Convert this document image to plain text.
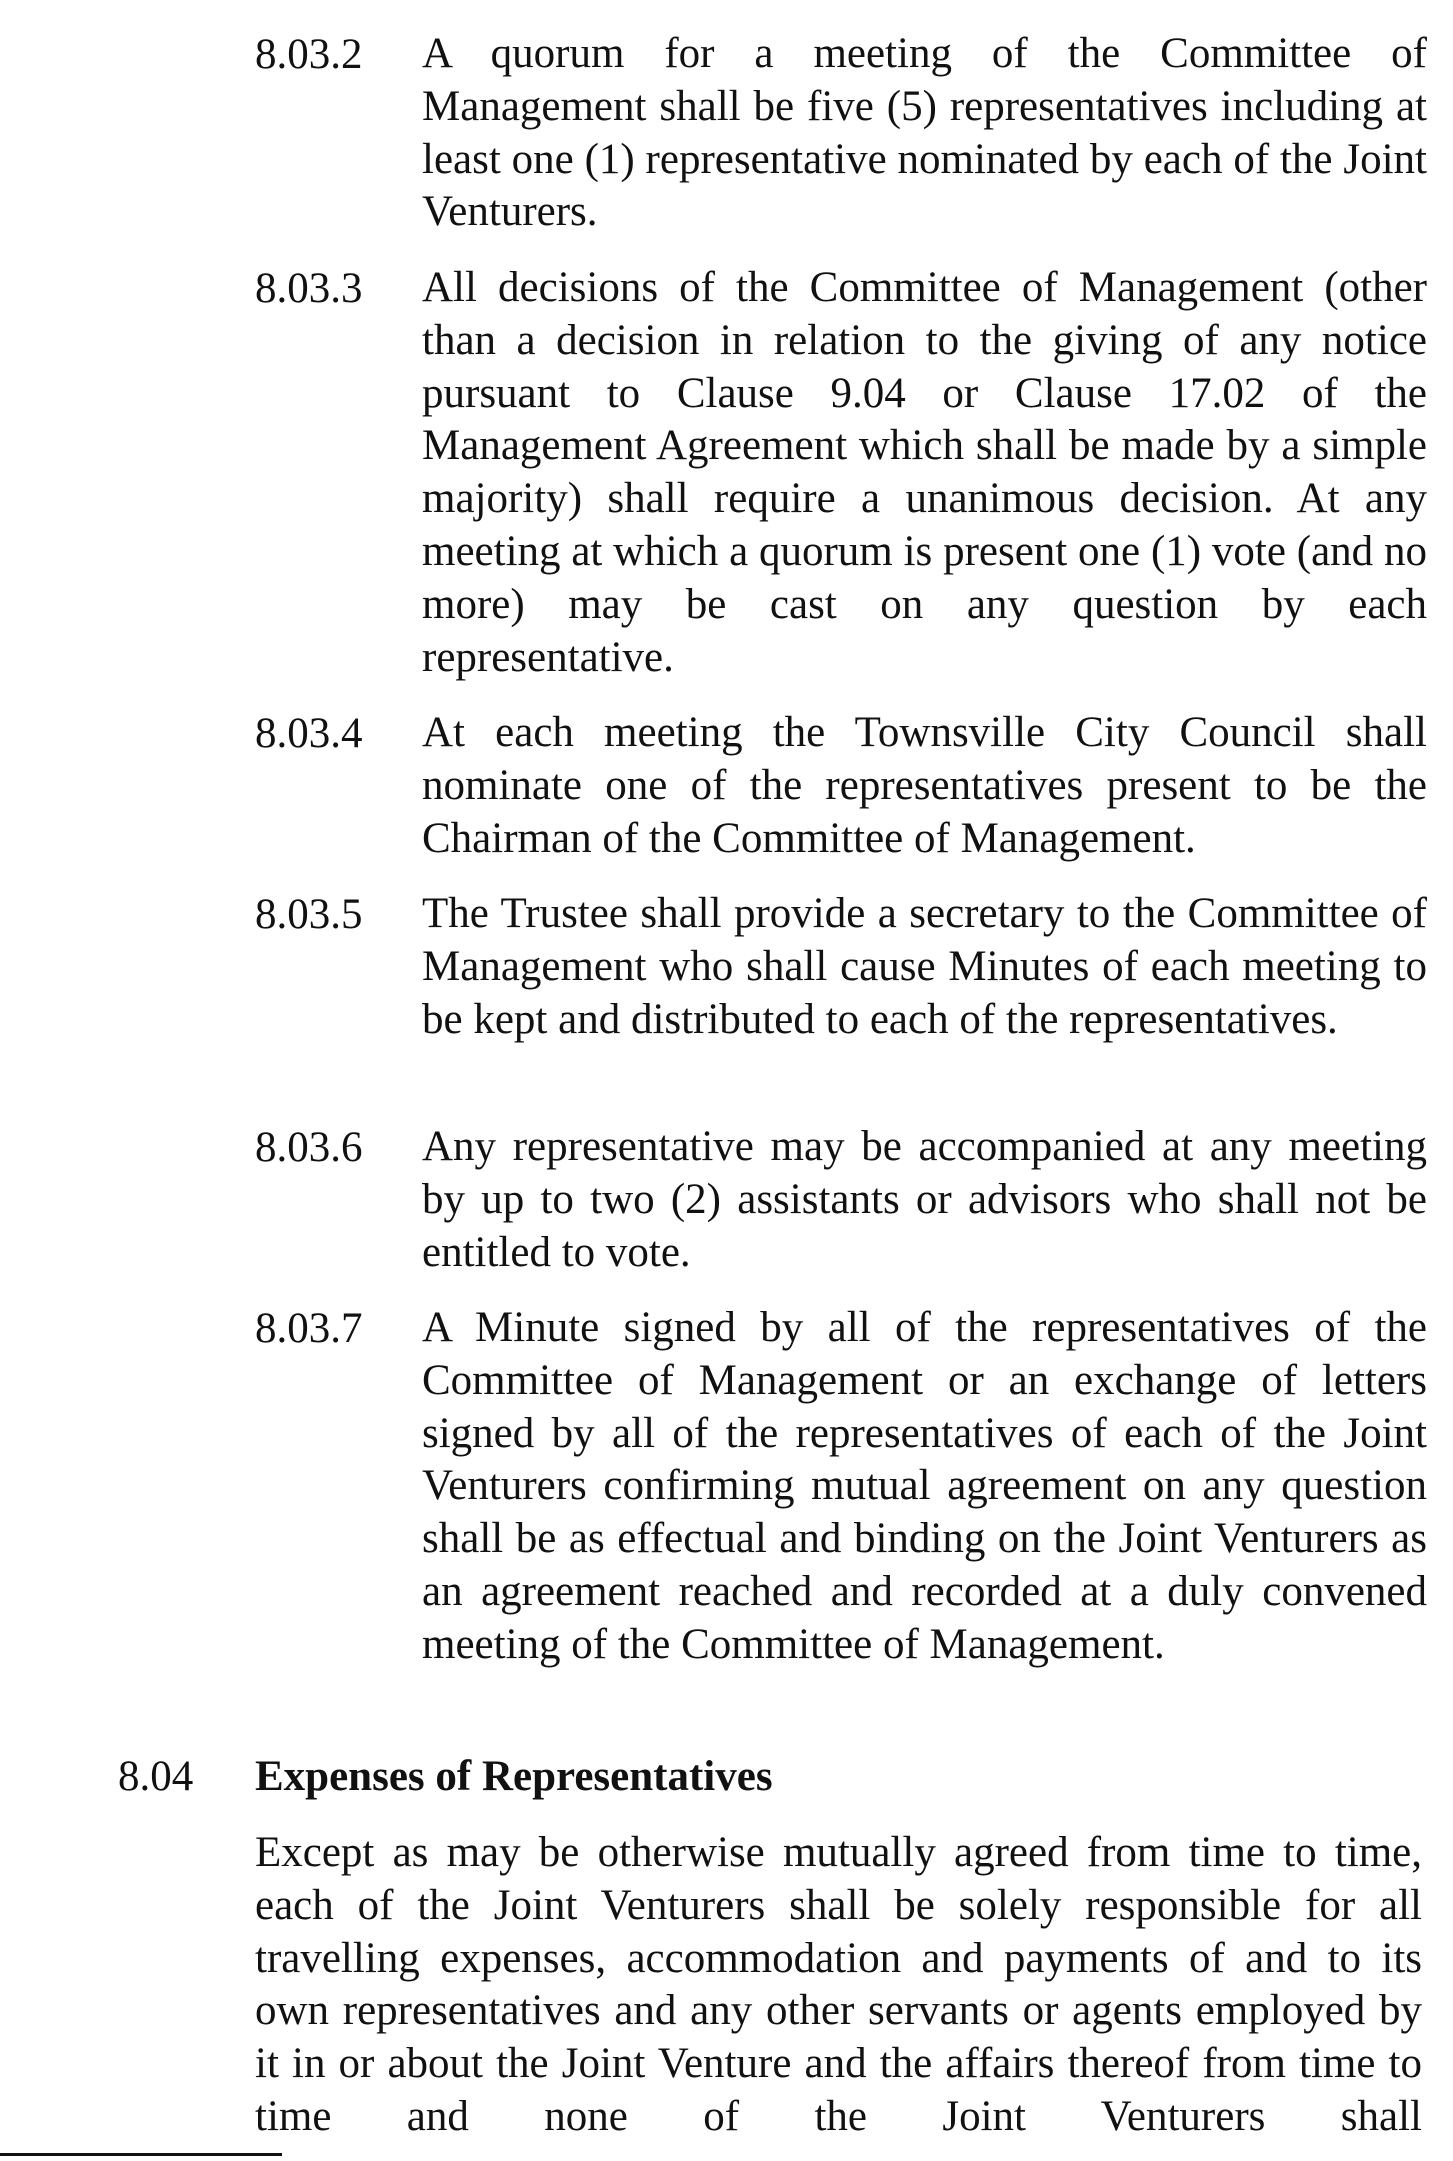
8.03.2 A quorum for a meeting of the Committee of Management shall be five (5) representatives including at least one (1) representative nominated by each of the Joint Venturers.
8.03.3 All decisions of the Committee of Management (other than a decision in relation to the giving of any notice pursuant to Clause 9.04 or Clause 17.02 of the Management Agreement which shall be made by a simple majority) shall require a unanimous decision. At any meeting at which a quorum is present one (1) vote (and no more) may be cast on any question by each representative.
8.03.4 At each meeting the Townsville City Council shall nominate one of the representatives present to be the Chairman of the Committee of Management.
8.03.5 The Trustee shall provide a secretary to the Committee of Management who shall cause Minutes of each meeting to be kept and distributed to each of the representatives.
8.03.6 Any representative may be accompanied at any meeting by up to two (2) assistants or advisors who shall not be entitled to vote.
8.03.7 A Minute signed by all of the representatives of the Committee of Management or an exchange of letters signed by all of the representatives of each of the Joint Venturers confirming mutual agreement on any question shall be as effectual and binding on the Joint Venturers as an agreement reached and recorded at a duly convened meeting of the Committee of Management.
8.04 Expenses of Representatives
Except as may be otherwise mutually agreed from time to time, each of the Joint Venturers shall be solely responsible for all travelling expenses, accommodation and payments of and to its own representatives and any other servants or agents employed by it in or about the Joint Venture and the affairs thereof from time to time and none of the Joint Venturers shall
